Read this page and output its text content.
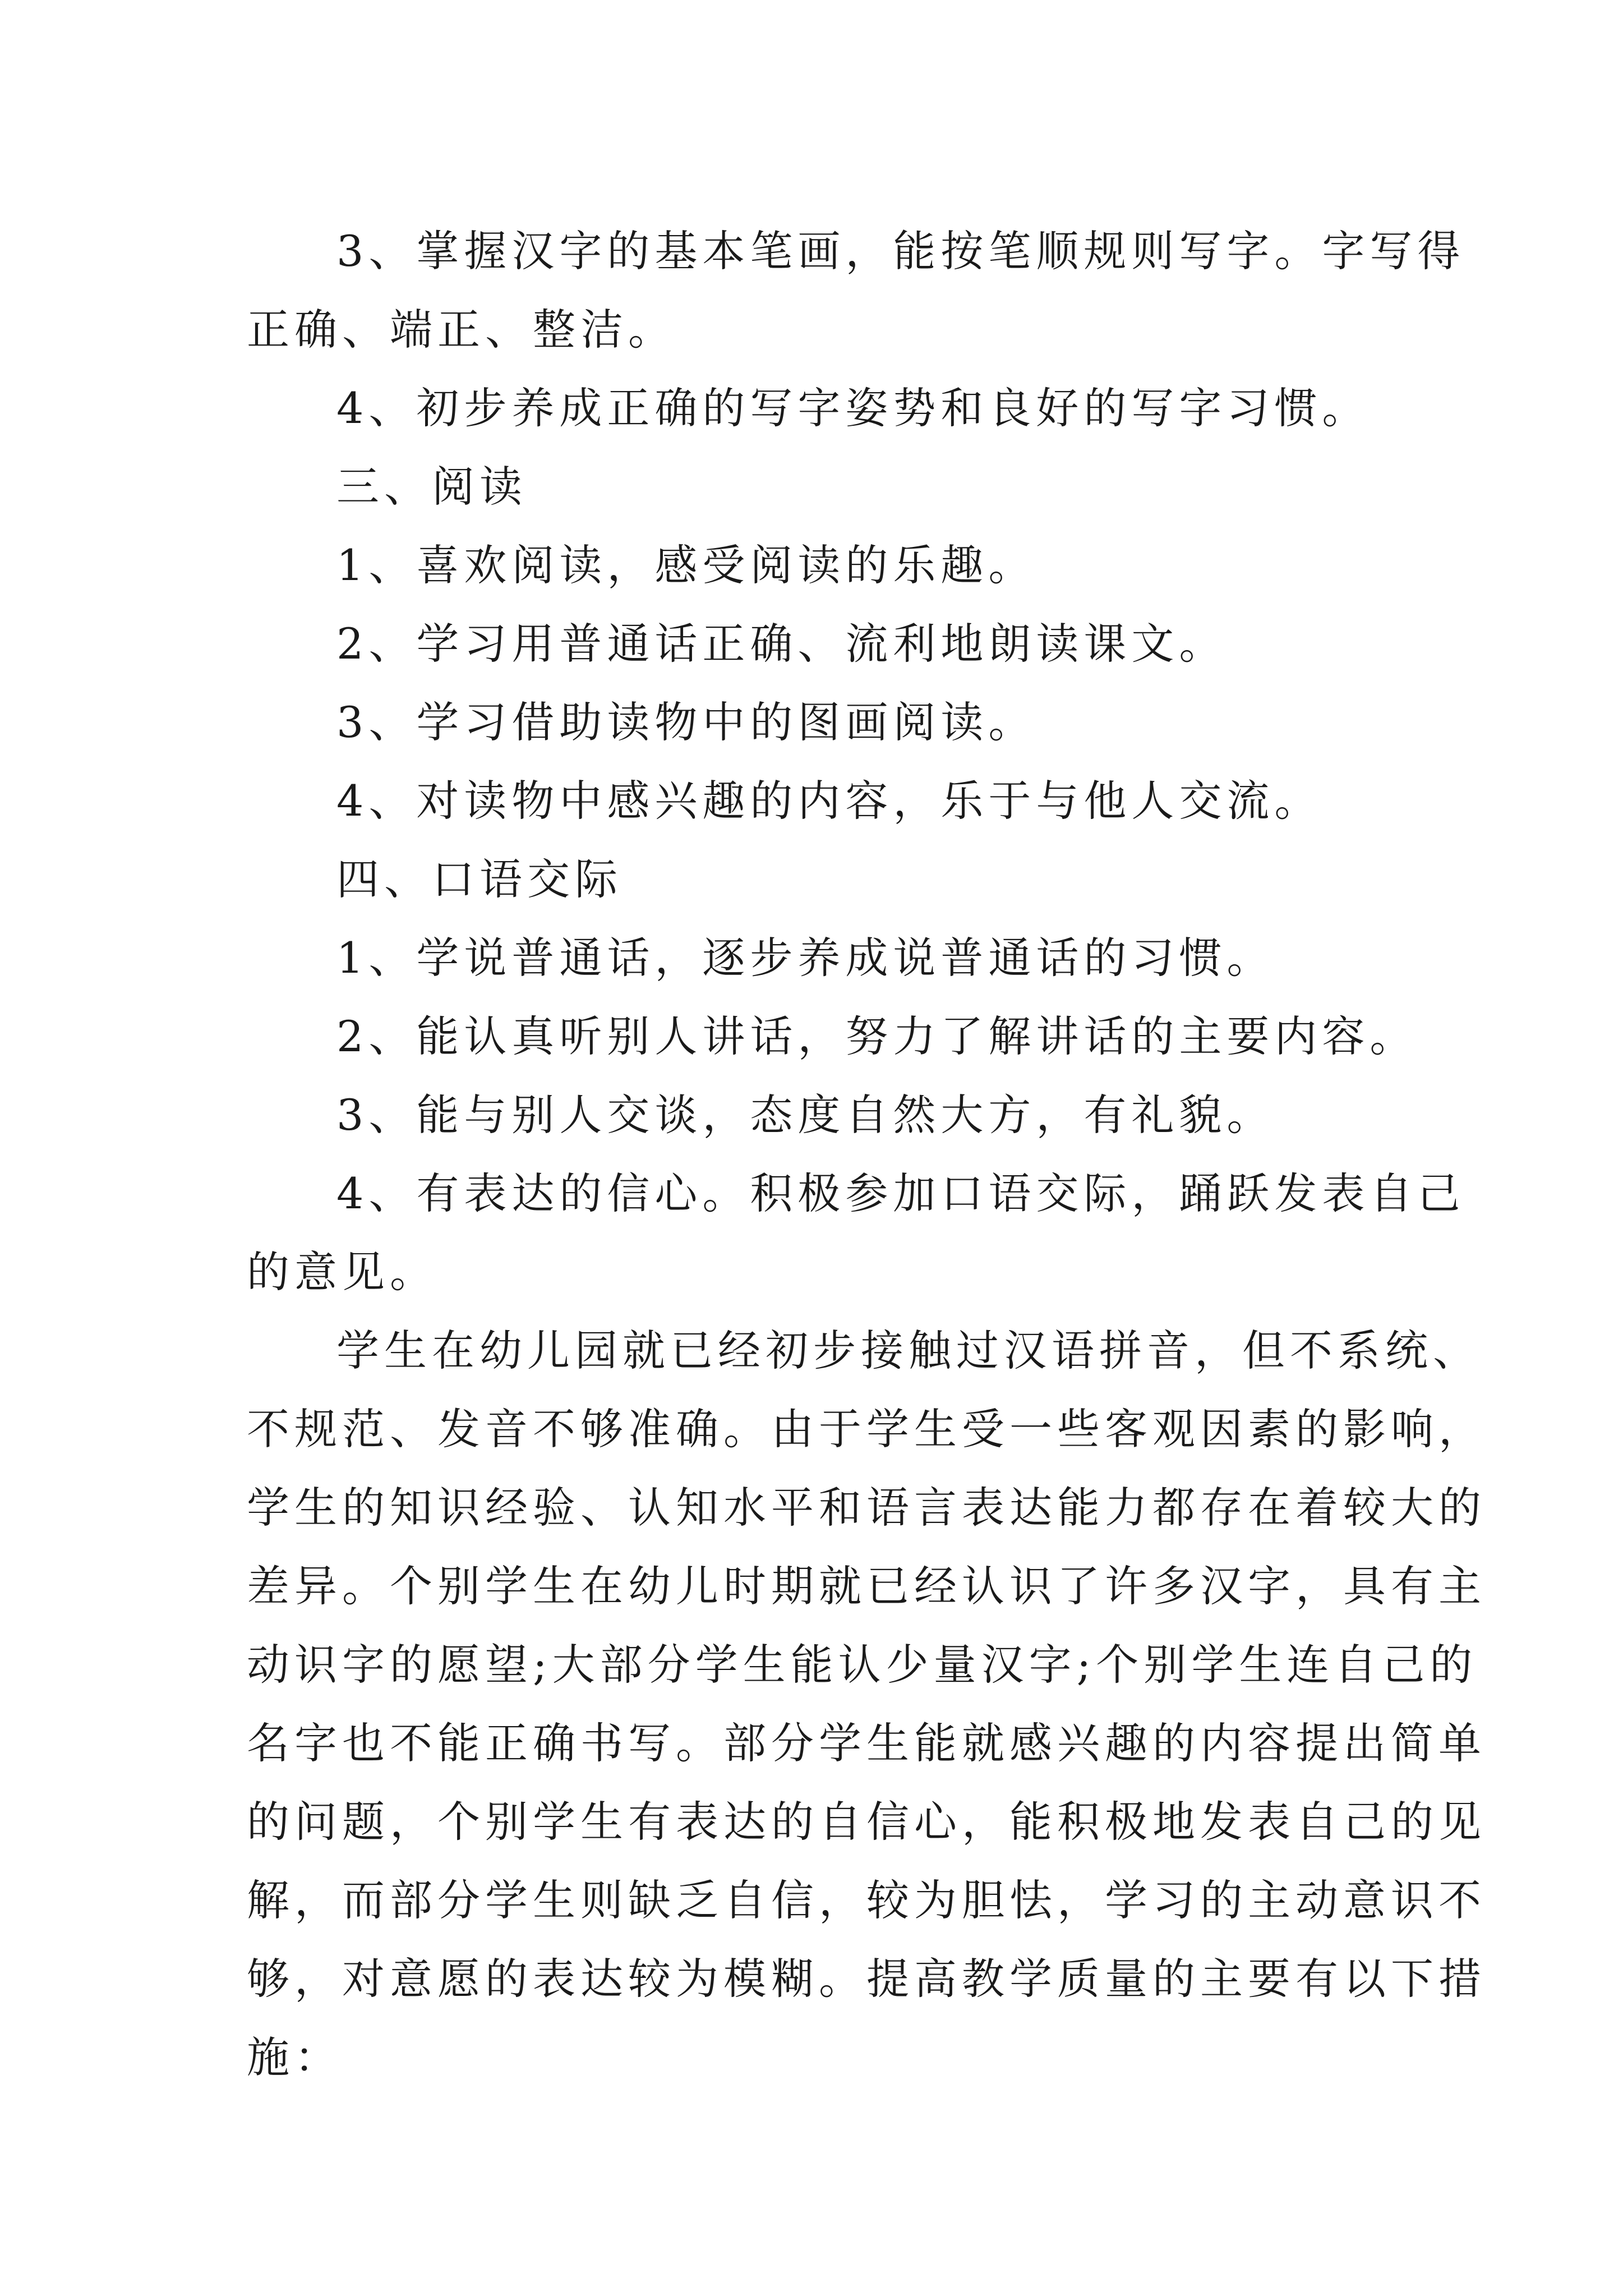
3、掌握汉字的基本笔画，能按笔顺规则写字。字写得

正确、端正、整洁。

4、初步养成正确的写字姿势和良好的写字习惯。

三、阅读

1、喜欢阅读，感受阅读的乐趣。

2、学习用普通话正确、流利地朗读课文。

3、学习借助读物中的图画阅读。

4、对读物中感兴趣的内容，乐于与他人交流。

四、口语交际

1、学说普通话，逐步养成说普通话的习惯。

2、能认真听别人讲话，努力了解讲话的主要内容。

3、能与别人交谈，态度自然大方，有礼貌。

4、有表达的信心。积极参加口语交际，踊跃发表自己

的意见。

学生在幼儿园就已经初步接触过汉语拼音，但不系统、

不规范、发音不够准确。由于学生受一些客观因素的影响，

学生的知识经验、认知水平和语言表达能力都存在着较大的

差异。个别学生在幼儿时期就已经认识了许多汉字，具有主

动识字的愿望;大部分学生能认少量汉字;个别学生连自己的

名字也不能正确书写。部分学生能就感兴趣的内容提出简单

的问题，个别学生有表达的自信心，能积极地发表自己的见

解，而部分学生则缺乏自信，较为胆怯，学习的主动意识不

够，对意愿的表达较为模糊。提高教学质量的主要有以下措

施：
